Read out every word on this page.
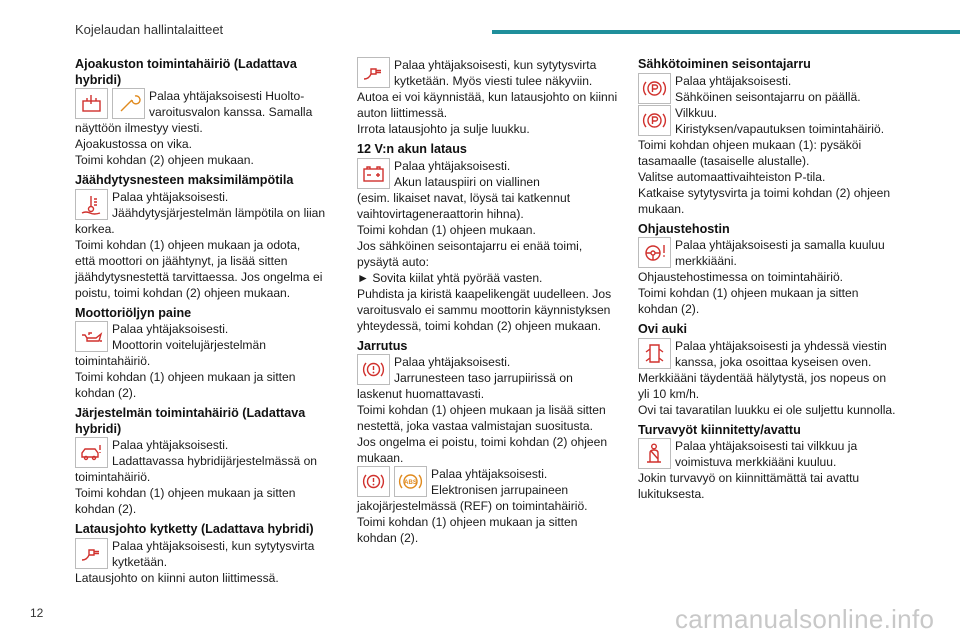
Kojelaudan hallintalaitteet
Ajoakuston toimintahäiriö (Ladattava
hybridi)
Palaa yhtäjaksoisesti Huolto-
varoitusvalon kanssa. Samalla
näyttöön ilmestyy viesti.
Ajoakustossa on vika.
Toimi kohdan (2) ohjeen mukaan.
Jäähdytysnesteen maksimilämpötila
Palaa yhtäjaksoisesti.
Jäähdytysjärjestelmän lämpötila on liian
korkea.
Toimi kohdan (1) ohjeen mukaan ja odota,
että moottori on jäähtynyt, ja lisää sitten
jäähdytysnestettä tarvittaessa. Jos ongelma ei
poistu, toimi kohdan (2) ohjeen mukaan.
Moottoriöljyn paine
Palaa yhtäjaksoisesti.
Moottorin voitelujärjestelmän
toimintahäiriö.
Toimi kohdan (1) ohjeen mukaan ja sitten
kohdan (2).
Järjestelmän toimintahäiriö (Ladattava
hybridi)
Palaa yhtäjaksoisesti.
Ladattavassa hybridijärjestelmässä on
toimintahäiriö.
Toimi kohdan (1) ohjeen mukaan ja sitten
kohdan (2).
Latausjohto kytketty (Ladattava hybridi)
Palaa yhtäjaksoisesti, kun sytytysvirta
kytketään.
Latausjohto on kiinni auton liittimessä.
Palaa yhtäjaksoisesti, kun sytytysvirta
kytketään. Myös viesti tulee näkyviin.
Autoa ei voi käynnistää, kun latausjohto on kiinni
auton liittimessä.
Irrota latausjohto ja sulje luukku.
12 V:n akun lataus
Palaa yhtäjaksoisesti.
Akun latauspiiri on viallinen
(esim. likaiset navat, löysä tai katkennut
vaihtovirtageneraattorin hihna).
Toimi kohdan (1) ohjeen mukaan.
Jos sähköinen seisontajarru ei enää toimi,
pysäytä auto:
► Sovita kiilat yhtä pyörää vasten.
Puhdista ja kiristä kaapelikengät uudelleen. Jos
varoitusvalo ei sammu moottorin käynnistyksen
yhteydessä, toimi kohdan (2) ohjeen mukaan.
Jarrutus
Palaa yhtäjaksoisesti.
Jarrunesteen taso jarrupiirissä on
laskenut huomattavasti.
Toimi kohdan (1) ohjeen mukaan ja lisää sitten
nestettä, joka vastaa valmistajan suositusta.
Jos ongelma ei poistu, toimi kohdan (2) ohjeen
mukaan.
ABS
Palaa yhtäjaksoisesti.
Elektronisen jarrupaineen
jakojärjestelmässä (REF) on toimintahäiriö.
Toimi kohdan (1) ohjeen mukaan ja sitten
kohdan (2).
Sähkötoiminen seisontajarru
Palaa yhtäjaksoisesti.
Sähköinen seisontajarru on päällä.
Vilkkuu.
Kiristyksen/vapautuksen toimintahäiriö.
Toimi kohdan ohjeen mukaan (1): pysäköi
tasamaalle (tasaiselle alustalle).
Valitse automaattivaihteiston P-tila.
Katkaise sytytysvirta ja toimi kohdan (2) ohjeen
mukaan.
Ohjaustehostin
Palaa yhtäjaksoisesti ja samalla kuuluu
merkkiääni.
Ohjaustehostimessa on toimintahäiriö.
Toimi kohdan (1) ohjeen mukaan ja sitten
kohdan (2).
Ovi auki
Palaa yhtäjaksoisesti ja yhdessä viestin
kanssa, joka osoittaa kyseisen oven.
Merkkiääni täydentää hälytystä, jos nopeus on
yli 10 km/h.
Ovi tai tavaratilan luukku ei ole suljettu kunnolla.
Turvavyöt kiinnitetty/avattu
Palaa yhtäjaksoisesti tai vilkkuu ja
voimistuva merkkiääni kuuluu.
Jokin turvavyö on kiinnittämättä tai avattu
lukituksesta.
12	carmanualsonline.info
